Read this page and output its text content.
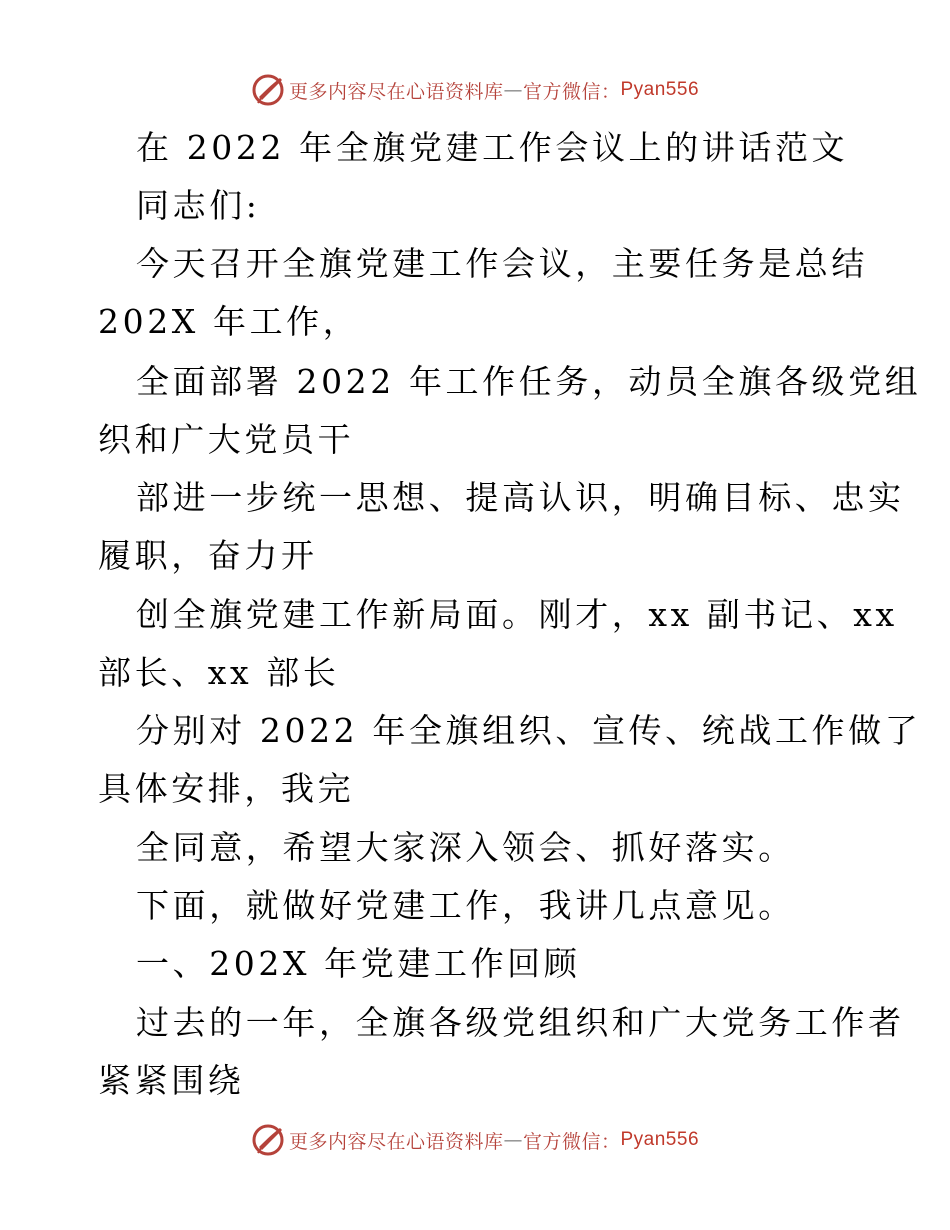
更多内容尽在心语资料库 — 官方微信： Pyan556
在 2022 年全旗党建工作会议上的讲话范文
同志们:
今天召开全旗党建工作会议，主要任务是总结
202X 年工作，
全面部署 2022 年工作任务，动员全旗各级党组
织和广大党员干
部进一步统一思想、提高认识，明确目标、忠实
履职，奋力开
创全旗党建工作新局面。刚才，xx 副书记、xx
部长、xx 部长
分别对 2022 年全旗组织、宣传、统战工作做了
具体安排，我完
全同意，希望大家深入领会、抓好落实。
下面，就做好党建工作，我讲几点意见。
一、202X 年党建工作回顾
过去的一年，全旗各级党组织和广大党务工作者
紧紧围绕
更多内容尽在心语资料库 — 官方微信： Pyan556
